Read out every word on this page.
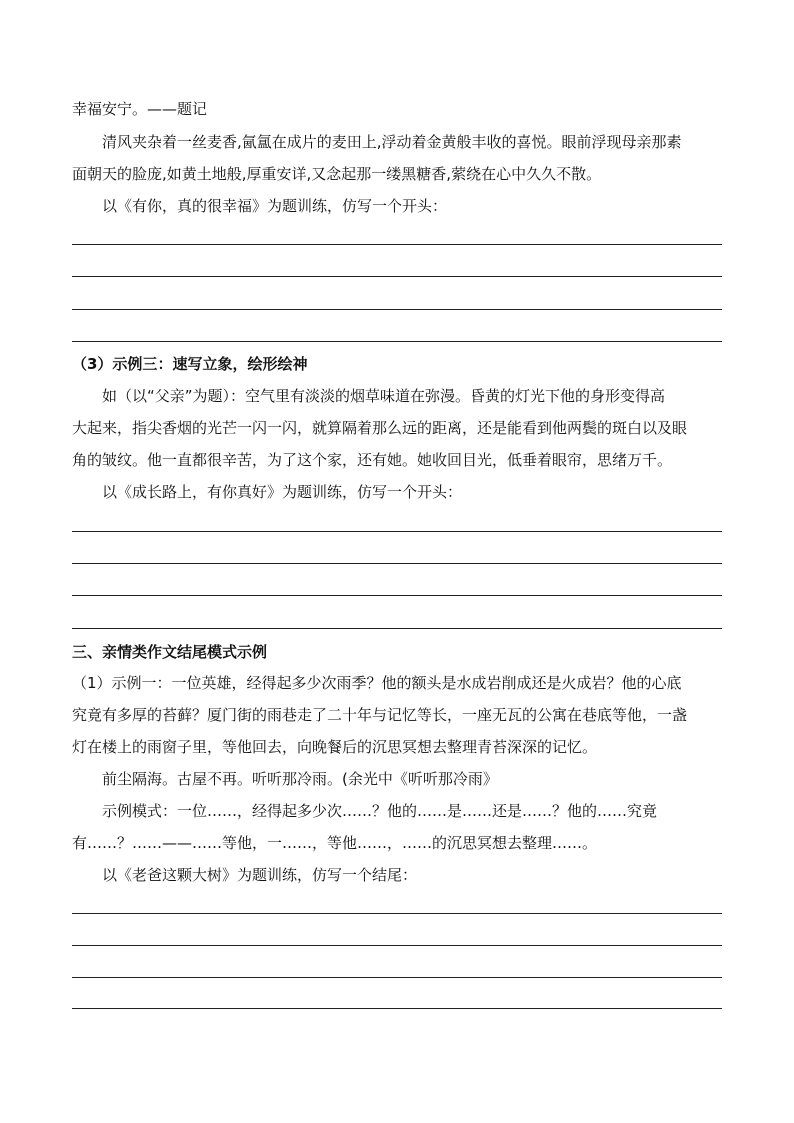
幸福安宁。——题记
清风夹杂着一丝麦香,氤氲在成片的麦田上,浮动着金黄般丰收的喜悦。眼前浮现母亲那素
面朝天的脸庞,如黄土地般,厚重安详,又念起那一缕黑糖香,萦绕在心中久久不散。
以《有你，真的很幸福》为题训练，仿写一个开头：
（3）示例三：速写立象，绘形绘神
如（以“父亲”为题）：空气里有淡淡的烟草味道在弥漫。昏黄的灯光下他的身形变得高
大起来，指尖香烟的光芒一闪一闪，就算隔着那么远的距离，还是能看到他两鬓的斑白以及眼
角的皱纹。他一直都很辛苦，为了这个家，还有她。她收回目光，低垂着眼帘，思绪万千。
以《成长路上，有你真好》为题训练，仿写一个开头：
三、亲情类作文结尾模式示例
（1）示例一：一位英雄，经得起多少次雨季？他的额头是水成岩削成还是火成岩？他的心底
究竟有多厚的苔藓？厦门街的雨巷走了二十年与记忆等长，一座无瓦的公寓在巷底等他，一盏
灯在楼上的雨窗子里，等他回去，向晚餐后的沉思冥想去整理青苔深深的记忆。
前尘隔海。古屋不再。听听那冷雨。(余光中《听听那冷雨》
示例模式：一位……，经得起多少次……？他的……是……还是……？他的……究竟
有……？……——……等他，一……，等他……，……的沉思冥想去整理……。
以《老爸这颗大树》为题训练，仿写一个结尾：
